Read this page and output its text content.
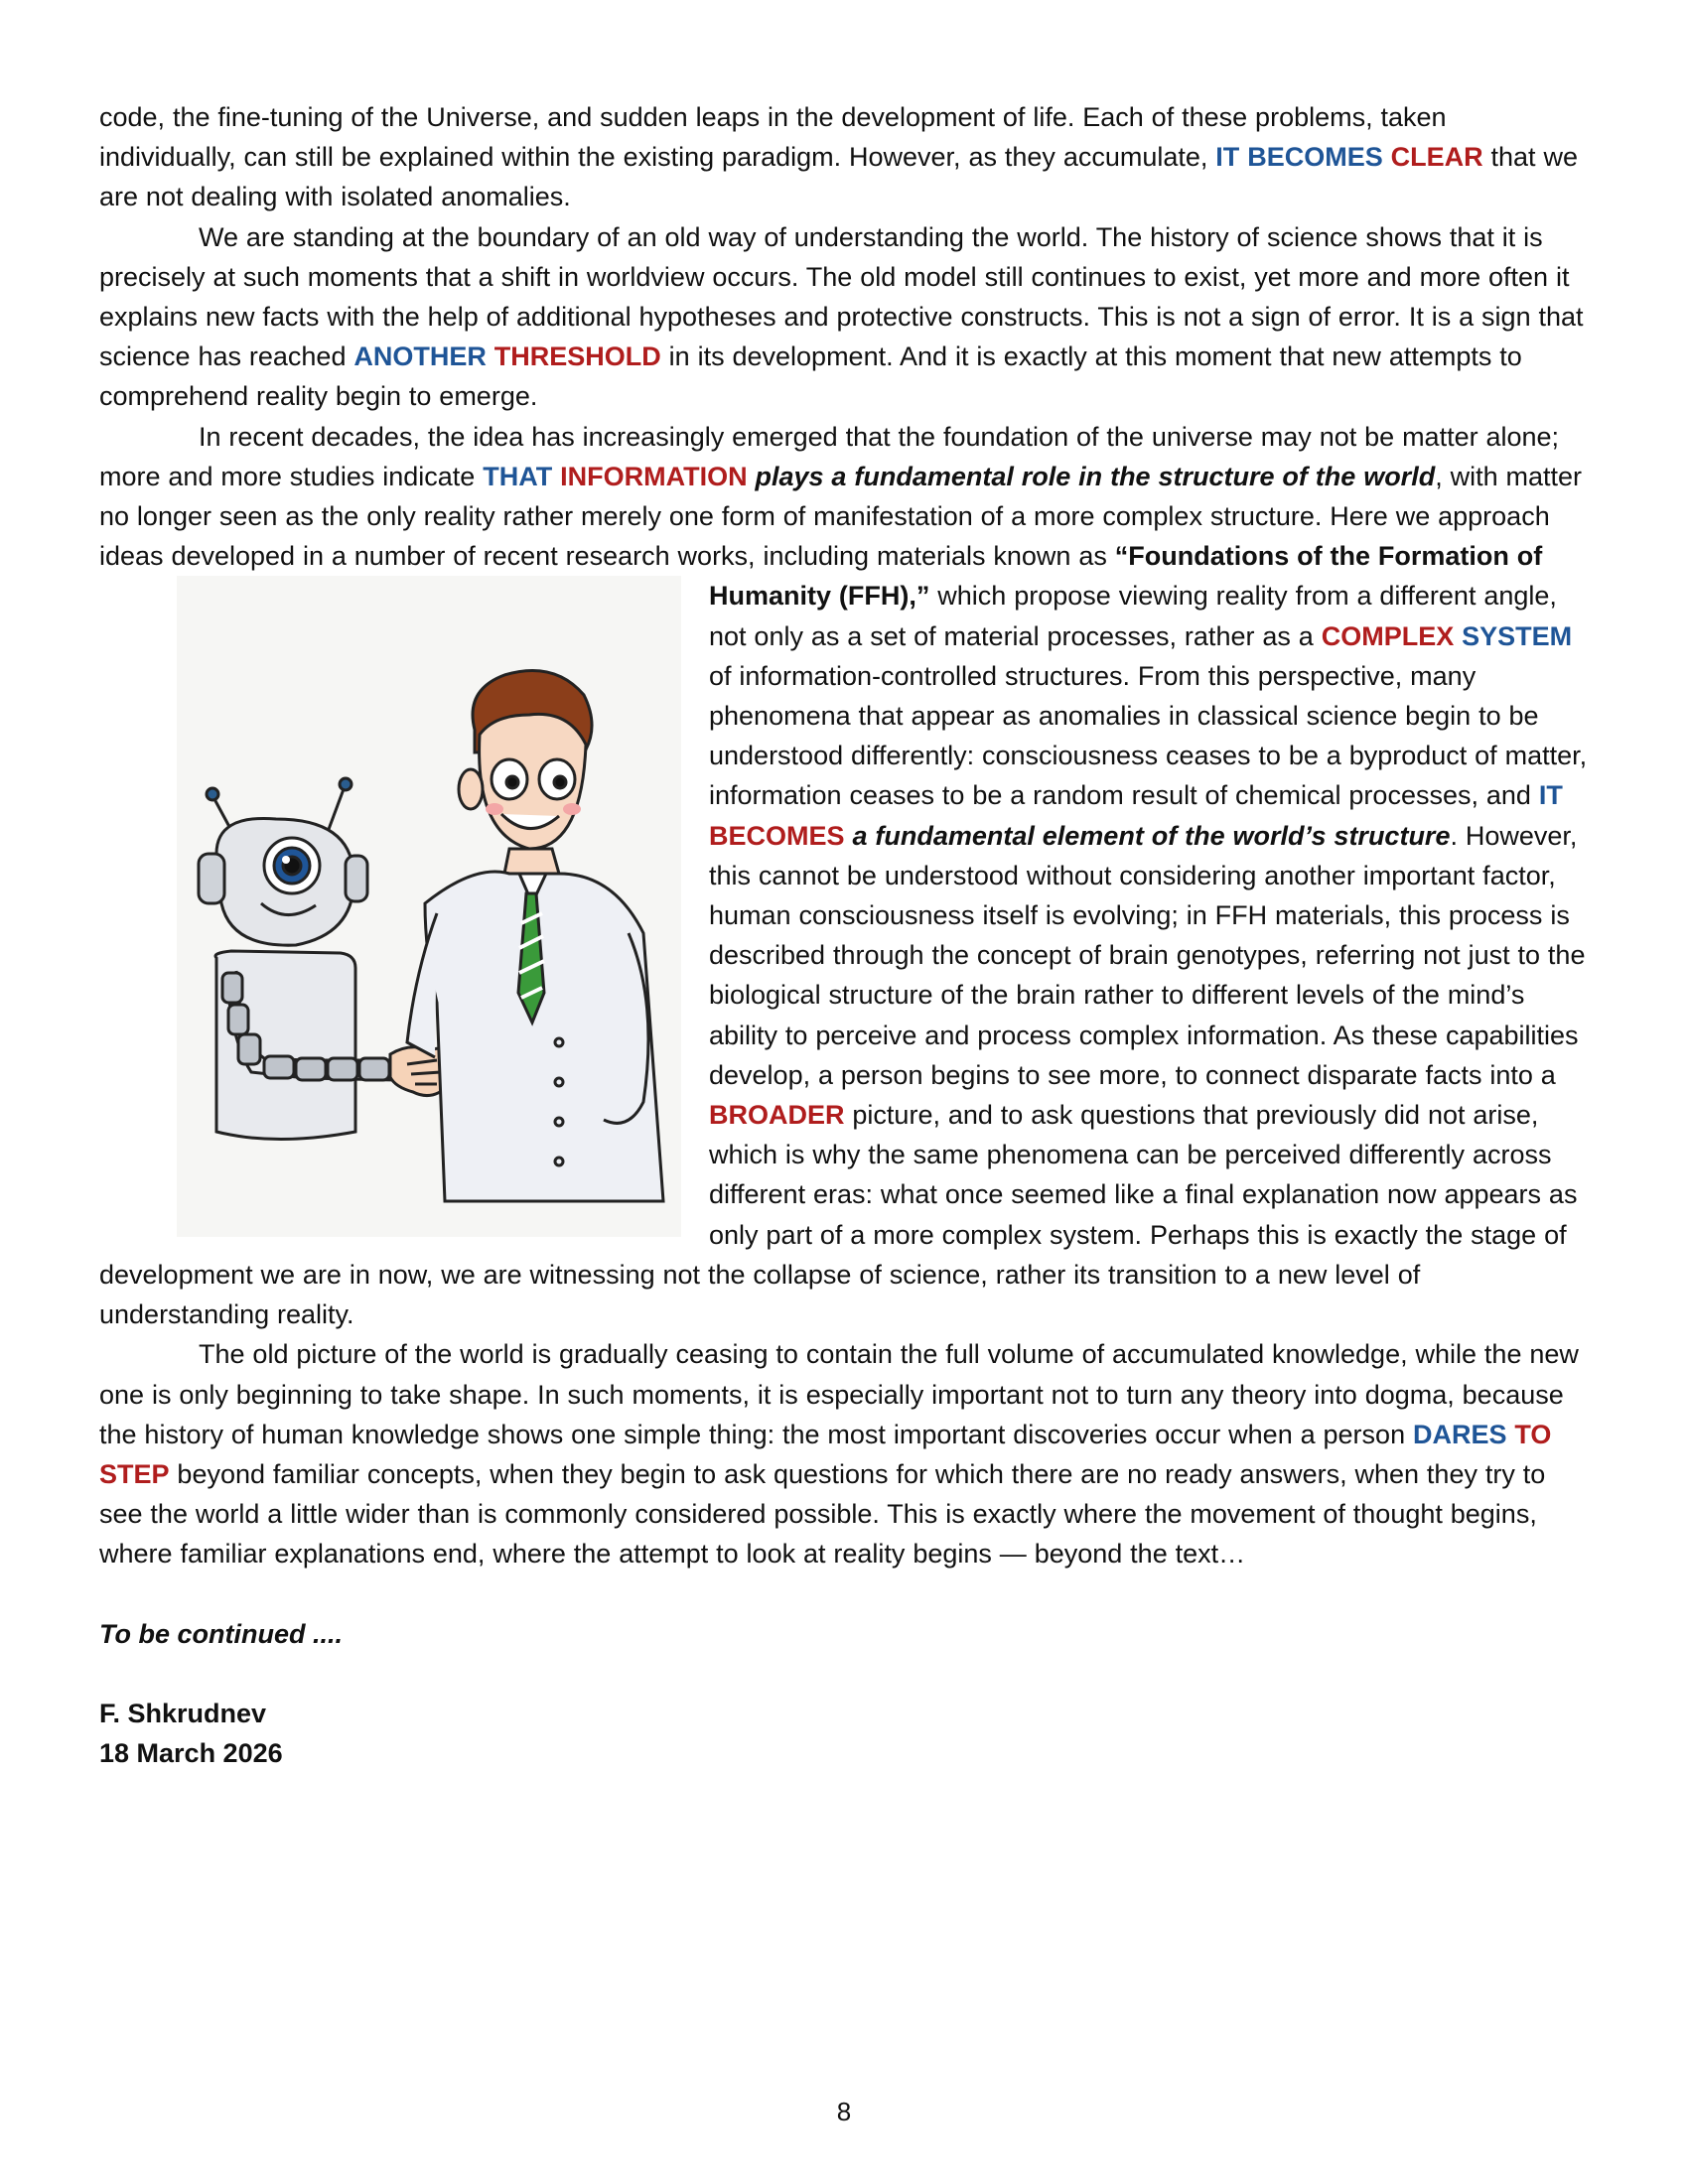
code, the fine-tuning of the Universe, and sudden leaps in the development of life. Each of these problems, taken individually, can still be explained within the existing paradigm. However, as they accumulate, IT BECOMES CLEAR that we are not dealing with isolated anomalies.

We are standing at the boundary of an old way of understanding the world. The history of science shows that it is precisely at such moments that a shift in worldview occurs. The old model still continues to exist, yet more and more often it explains new facts with the help of additional hypotheses and protective constructs. This is not a sign of error. It is a sign that science has reached ANOTHER THRESHOLD in its development. And it is exactly at this moment that new attempts to comprehend reality begin to emerge.

In recent decades, the idea has increasingly emerged that the foundation of the universe may not be matter alone; more and more studies indicate THAT INFORMATION plays a fundamental role in the structure of the world, with matter no longer seen as the only reality rather merely one form of manifestation of a more complex structure. Here we approach ideas developed in a number of recent research works, including materials known as
“Foundations of the Formation of Humanity (FFH),” which propose viewing reality from a different angle, not only as a set of material processes, rather as a COMPLEX SYSTEM of information-controlled structures. From this perspective, many phenomena that appear as anomalies in classical science begin to be understood differently: consciousness ceases to be a byproduct of matter, information ceases to be a random result of chemical processes, and IT BECOMES a fundamental element of the world’s structure. However, this cannot be understood without considering another important factor, human consciousness itself is evolving; in FFH materials, this process is described through the concept of brain genotypes, referring not just to the biological structure of the brain rather to different levels of the mind’s ability to perceive and process complex information. As these capabilities develop, a person begins to see more, to connect disparate facts into a BROADER picture, and to ask questions that previously did not arise, which is why the same phenomena can be perceived differently across different eras: what once seemed like a final explanation now appears as only part of a more complex system. Perhaps this is exactly the stage of development we are in now, we are witnessing not the collapse of science, rather its transition to a new level of understanding reality.

The old picture of the world is gradually ceasing to contain the full volume of accumulated knowledge, while the new one is only beginning to take shape. In such moments, it is especially important not to turn any theory into dogma, because the history of human knowledge shows one simple thing: the most important discoveries occur when a person DARES TO STEP beyond familiar concepts, when they begin to ask questions for which there are no ready answers, when they try to see the world a little wider than is commonly considered possible. This is exactly where the movement of thought begins, where familiar explanations end, where the attempt to look at reality begins — beyond the text…

To be continued ....
F. Shkrudnev
18 March 2026
8
